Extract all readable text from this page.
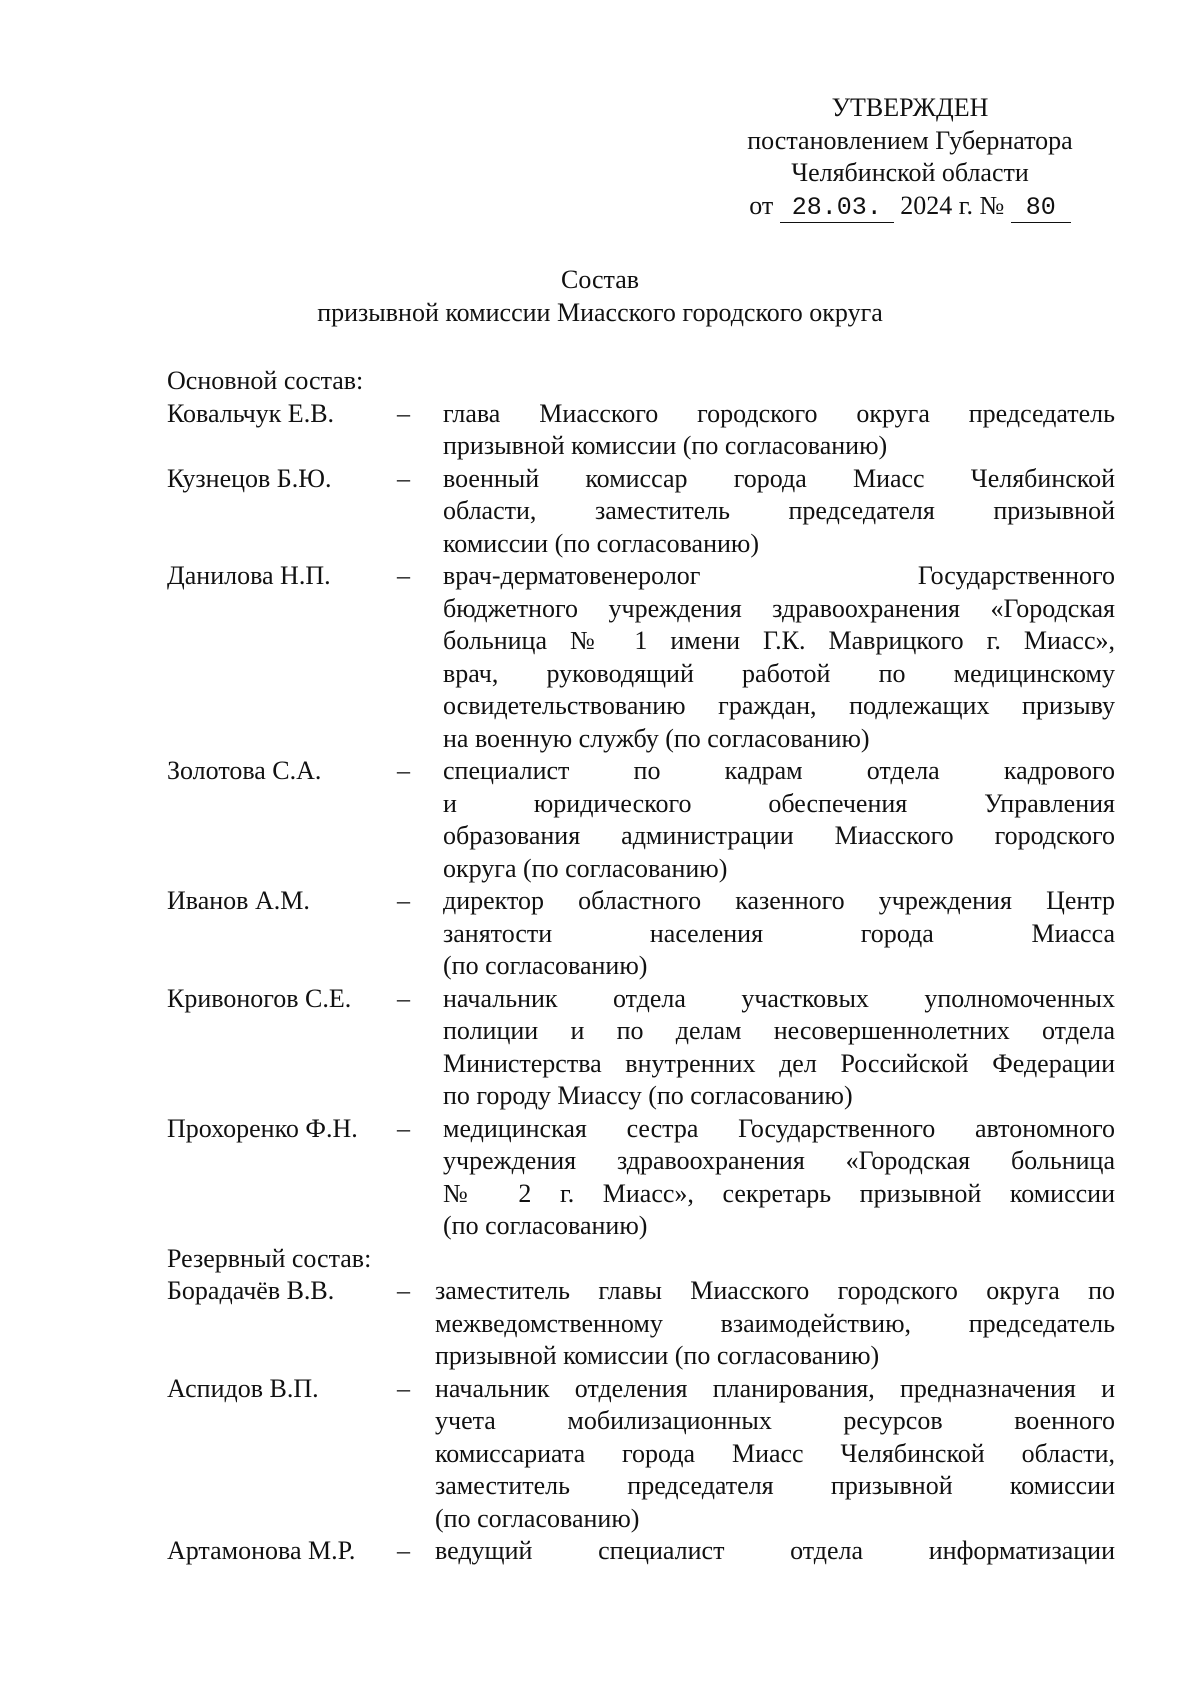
УТВЕРЖДЕН
постановлением Губернатора
Челябинской области
от 28.03. 2024 г. № 80
Состав
призывной комиссии Миасского городского округа
Основной состав:
Ковальчук Е.В.	–	глава Миасского городского округа председатель
призывной комиссии (по согласованию)
Кузнецов Б.Ю.	–	военный комиссар города Миасс Челябинской
области, заместитель председателя призывной
комиссии (по согласованию)
Данилова Н.П.	–	врач-дерматовенеролог Государственного
бюджетного учреждения здравоохранения «Городская
больница № 1 имени Г.К. Маврицкого г. Миасс»,
врач, руководящий работой по медицинскому
освидетельствованию граждан, подлежащих призыву
на военную службу (по согласованию)
Золотова С.А.	–	специалист по кадрам отдела кадрового
и юридического обеспечения Управления
образования администрации Миасского городского
округа (по согласованию)
Иванов А.М.	–	директор областного казенного учреждения Центр
занятости населения города Миасса
(по согласованию)
Кривоногов С.Е.	–	начальник отдела участковых уполномоченных
полиции и по делам несовершеннолетних отдела
Министерства внутренних дел Российской Федерации
по городу Миассу (по согласованию)
Прохоренко Ф.Н.	–	медицинская сестра Государственного автономного
учреждения здравоохранения «Городская больница
№ 2 г. Миасс», секретарь призывной комиссии
(по согласованию)
Резервный состав:
Борадачёв В.В.	– заместитель главы Миасского городского округа по
межведомственному взаимодействию, председатель
призывной комиссии (по согласованию)
Аспидов В.П.	– начальник отделения планирования, предназначения и
учета мобилизационных ресурсов военного
комиссариата города Миасс Челябинской области,
заместитель председателя призывной комиссии
(по согласованию)
Артамонова М.Р.	– ведущий специалист отдела информатизации
